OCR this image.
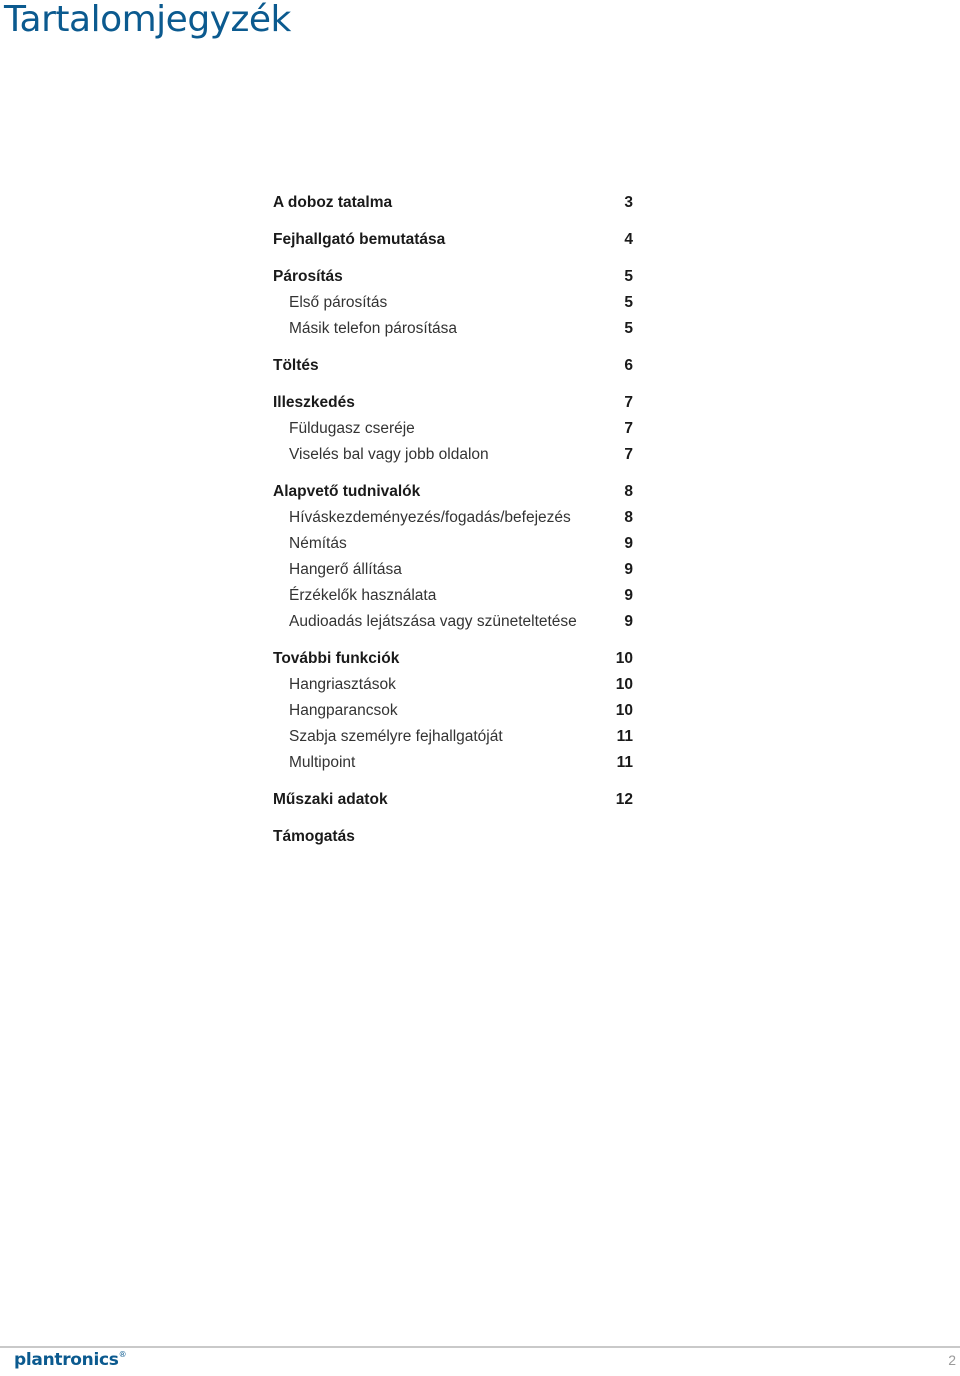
Tartalomjegyzék
A doboz tatalma	3
Fejhallgató bemutatása	4
Párosítás	5
Első párosítás	5
Másik telefon párosítása	5
Töltés	6
Illeszkedés	7
Füldugasz cseréje	7
Viselés bal vagy jobb oldalon	7
Alapvető tudnivalók	8
Híváskezdeményezés/fogadás/befejezés	8
Némítás	9
Hangerő állítása	9
Érzékelők használata	9
Audioadás lejátszása vagy szüneteltetése	9
További funkciók	10
Hangriasztások	10
Hangparancsok	10
Szabja személyre fejhallgatóját	11
Multipoint	11
Műszaki adatok	12
Támogatás
plantronics®	2
